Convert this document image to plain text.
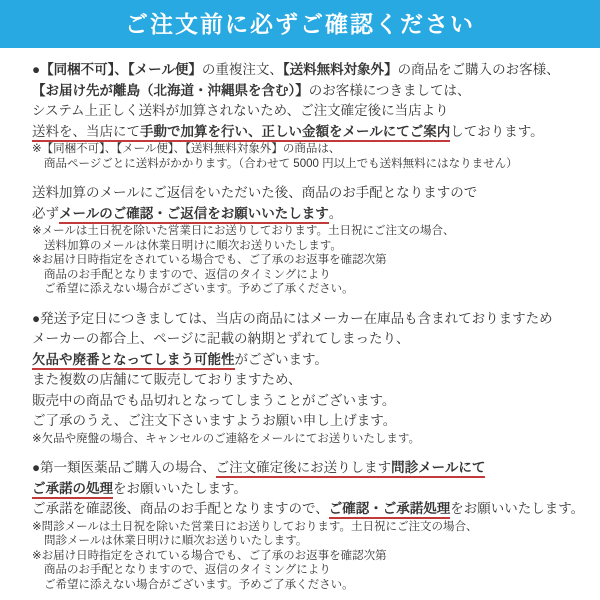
ご注文前に必ずご確認ください
●【同梱不可】、【メール便】の重複注文、【送料無料対象外】の商品をご購入のお客様、
【お届け先が離島（北海道・沖縄県を含む）】のお客様につきましては、
システム上正しく送料が加算されないため、ご注文確定後に当店より
送料を、当店にて手動で加算を行い、正しい金額をメールにてご案内しております。
※【同梱不可】、【メール便】、【送料無料対象外】の商品は、
商品ページごとに送料がかかります。（合わせて 5000 円以上でも送料無料にはなりません）
送料加算のメールにご返信をいただいた後、商品のお手配となりますので
必ずメールのご確認・ご返信をお願いいたします。
※メールは土日祝を除いた営業日にお送りしております。土日祝にご注文の場合、
送料加算のメールは休業日明けに順次お送りいたします。
※お届け日時指定をされている場合でも、ご了承のお返事を確認次第
商品のお手配となりますので、返信のタイミングにより
ご希望に添えない場合がございます。予めご了承ください。
●発送予定日につきましては、当店の商品にはメーカー在庫品も含まれておりますため
メーカーの都合上、ページに記載の納期とずれてしまったり、
欠品や廃番となってしまう可能性がございます。
また複数の店舗にて販売しておりますため、
販売中の商品でも品切れとなってしまうことがございます。
ご了承のうえ、ご注文下さいますようお願い申し上げます。
※欠品や廃盤の場合、キャンセルのご連絡をメールにてお送りいたします。
●第一類医薬品ご購入の場合、ご注文確定後にお送りします問診メールにて
ご承諾の処理をお願いいたします。
ご承諾を確認後、商品のお手配となりますので、ご確認・ご承諾処理をお願いいたします。
※問診メールは土日祝を除いた営業日にお送りしております。土日祝にご注文の場合、
問診メールは休業日明けに順次お送りいたします。
※お届け日時指定をされている場合でも、ご了承のお返事を確認次第
商品のお手配となりますので、返信のタイミングにより
ご希望に添えない場合がございます。予めご了承ください。
